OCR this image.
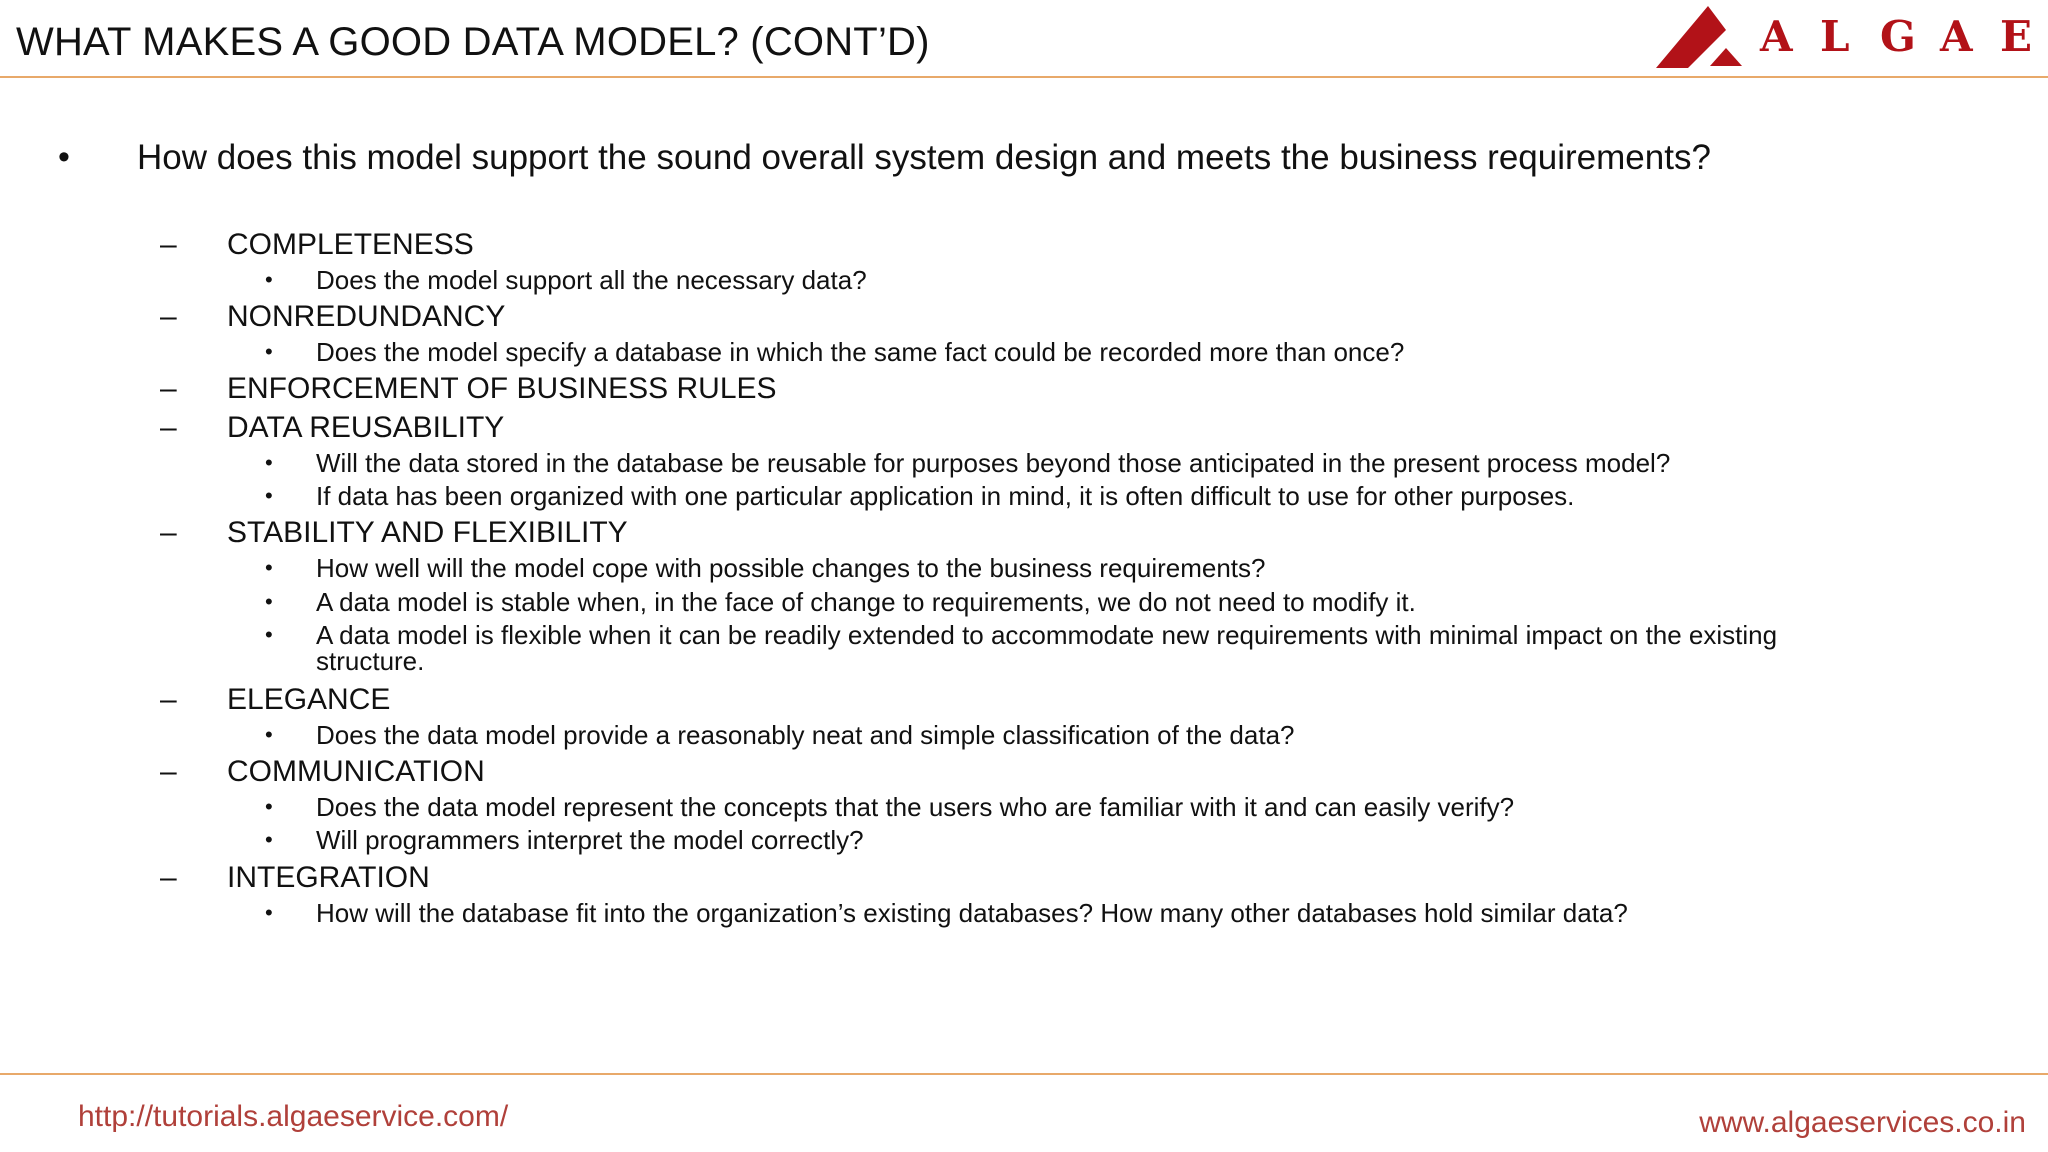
WHAT MAKES A GOOD DATA MODEL? (CONT’D)	A L G A E
• How does this model support the sound overall system design and meets the business requirements?
– COMPLETENESS
• Does the model support all the necessary data?
– NONREDUNDANCY
• Does the model specify a database in which the same fact could be recorded more than once?
– ENFORCEMENT OF BUSINESS RULES
– DATA REUSABILITY
• Will the data stored in the database be reusable for purposes beyond those anticipated in the present process model?
• If data has been organized with one particular application in mind, it is often difficult to use for other purposes.
– STABILITY AND FLEXIBILITY
• How well will the model cope with possible changes to the business requirements?
• A data model is stable when, in the face of change to requirements, we do not need to modify it.
• A data model is flexible when it can be readily extended to accommodate new requirements with minimal impact on the existing
structure.
– ELEGANCE
• Does the data model provide a reasonably neat and simple classification of the data?
– COMMUNICATION
• Does the data model represent the concepts that the users who are familiar with it and can easily verify?
• Will programmers interpret the model correctly?
– INTEGRATION
• How will the database fit into the organization’s existing databases? How many other databases hold similar data?
http://tutorials.algaeservice.com/	www.algaeservices.co.in
